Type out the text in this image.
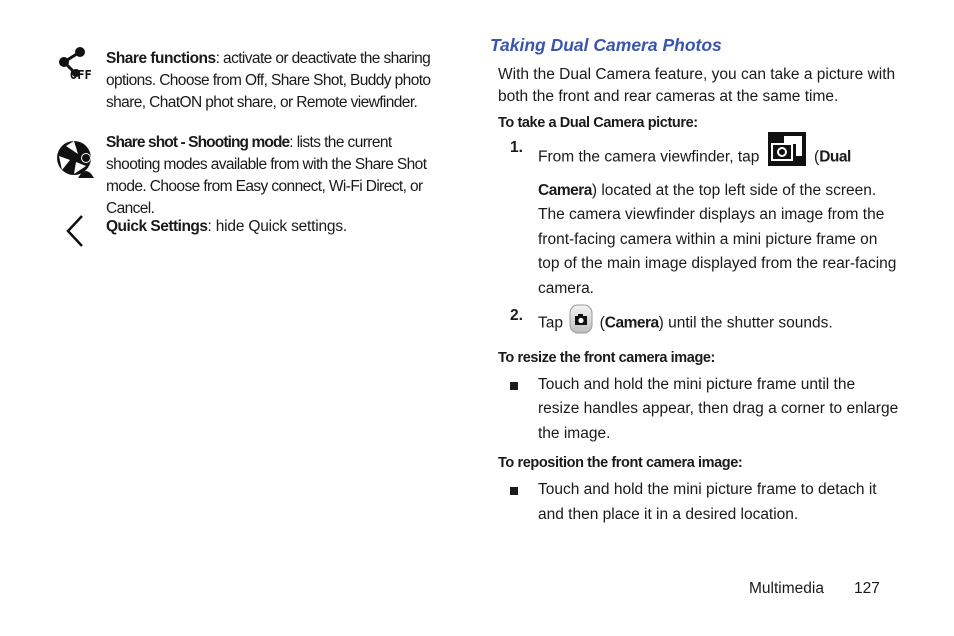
OFF
Share functions: activate or deactivate the sharing options. Choose from Off, Share Shot, Buddy photo share, ChatON phot share, or Remote viewfinder.
Share shot - Shooting mode: lists the current shooting modes available from with the Share Shot mode. Choose from Easy connect, Wi-Fi Direct, or Cancel.
Quick Settings: hide Quick settings.
Taking Dual Camera Photos
With the Dual Camera feature, you can take a picture with both the front and rear cameras at the same time.
To take a Dual Camera picture:
1.
From the camera viewfinder, tap	(Dual Camera) located at the top left side of the screen. The camera viewfinder displays an image from the front-facing camera within a mini picture frame on top of the main image displayed from the rear-facing camera.
2. Tap (Camera) until the shutter sounds.
To resize the front camera image:
Touch and hold the mini picture frame until the resize handles appear, then drag a corner to enlarge the image.
To reposition the front camera image:
Touch and hold the mini picture frame to detach it and then place it in a desired location.
Multimedia 127
